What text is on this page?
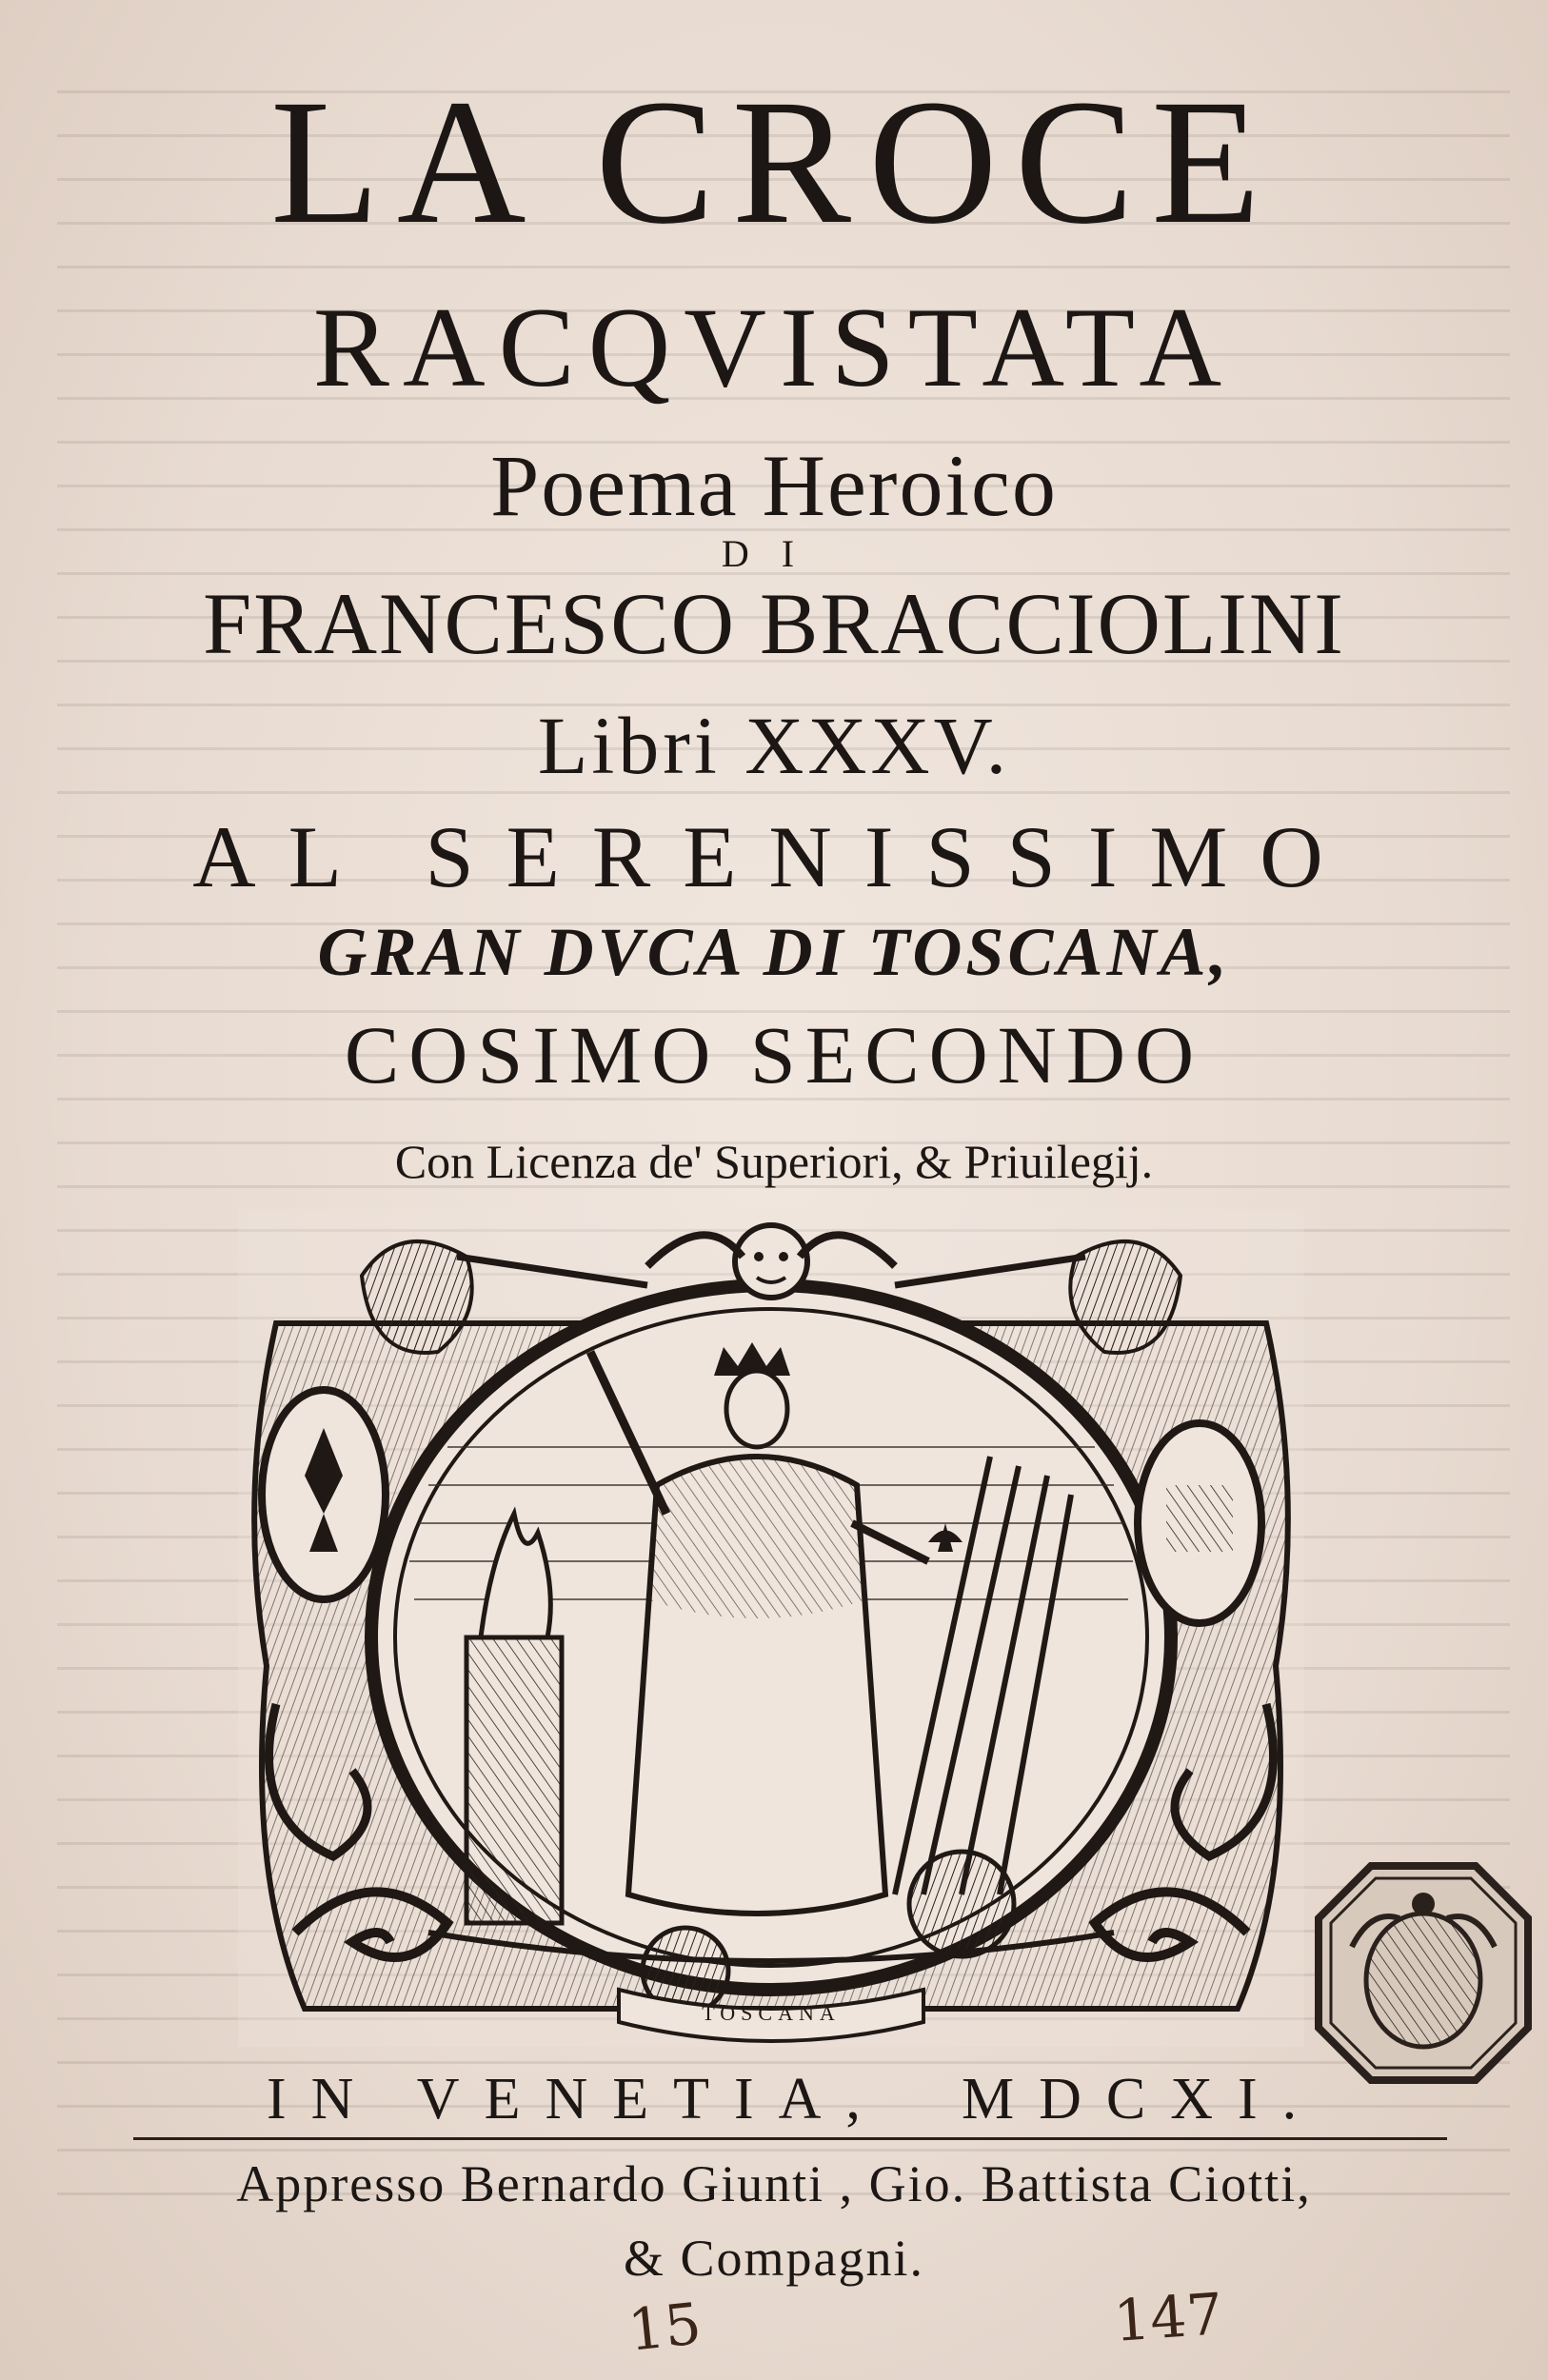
LA CROCE
RACQVISTATA
Poema Heroico
DI
FRANCESCO BRACCIOLINI
Libri XXXV.
AL SERENISSIMO
GRAN DVCA DI TOSCANA,
COSIMO SECONDO
Con Licenza de' Superiori, & Priuilegij.
TOSCANA
IN VENETIA, MDCXI.
Appresso Bernardo Giunti , Gio. Battista Ciotti,
& Compagni.
15	147
